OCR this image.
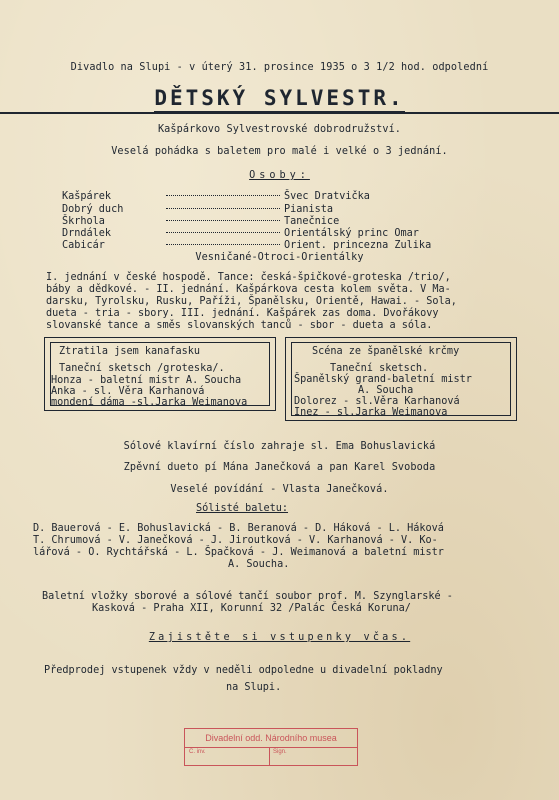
Divadlo na Slupi - v úterý 31. prosince 1935 o 3 1/2 hod. odpolední
DĚTSKÝ SYLVESTR.
Kašpárkovo Sylvestrovské dobrodružství.
Veselá pohádka s baletem pro malé i velké o 3 jednání.
Osoby:
Kašpárek	Švec Dratvička
Dobrý duch	Pianista
Škrhola	Tanečnice
Drndálek	Orientálský princ Omar
Cabicár	Orient. princezna Zulika
Vesničané-Otroci-Orientálky
I. jednání v české hospodě. Tance: česká-špičkové-groteska /trio/,
báby a dědkové. - II. jednání. Kašpárkova cesta kolem světa. V Ma-
darsku, Tyrolsku, Rusku, Paříži, Španělsku, Orientě, Hawai. - Sola,
dueta - tria - sbory. III. jednání. Kašpárek zas doma. Dvořákovy
slovanské tance a směs slovanských tanců - sbor - dueta a sóla.
Ztratila jsem kanafasku
Taneční sketsch /groteska/.
Honza - baletní mistr A. Soucha
Anka - sl. Věra Karhanová
mondení dáma -sl.Jarka Weimanova
Scéna ze španělské krčmy
Taneční sketsch.
Španělský grand-baletní mistr
A. Soucha
Dolorez - sl.Věra Karhanová
Inez - sl.Jarka Weimanova
Sólové klavírní číslo zahraje sl. Ema Bohuslavická
Zpěvní dueto pí Mána Janečková a pan Karel Svoboda
Veselé povídání - Vlasta Janečková.
Sólisté baletu:
D. Bauerová - E. Bohuslavická - B. Beranová - D. Háková - L. Háková
T. Chrumová - V. Janečková - J. Jiroutková - V. Karhanová - V. Ko-
lářová - O. Rychtářská - L. Špačková - J. Weimanová a baletní mistr
A. Soucha.
Baletní vložky sborové a sólové tančí soubor prof. M. Szynglarské -
Kasková - Praha XII, Korunní 32 /Palác Česká Koruna/
Zajistěte si vstupenky včas.
Předprodej vstupenek vždy v neděli odpoledne u divadelní pokladny
na Slupi.
Divadelní odd. Národního musea
C. inv.	Sign.
